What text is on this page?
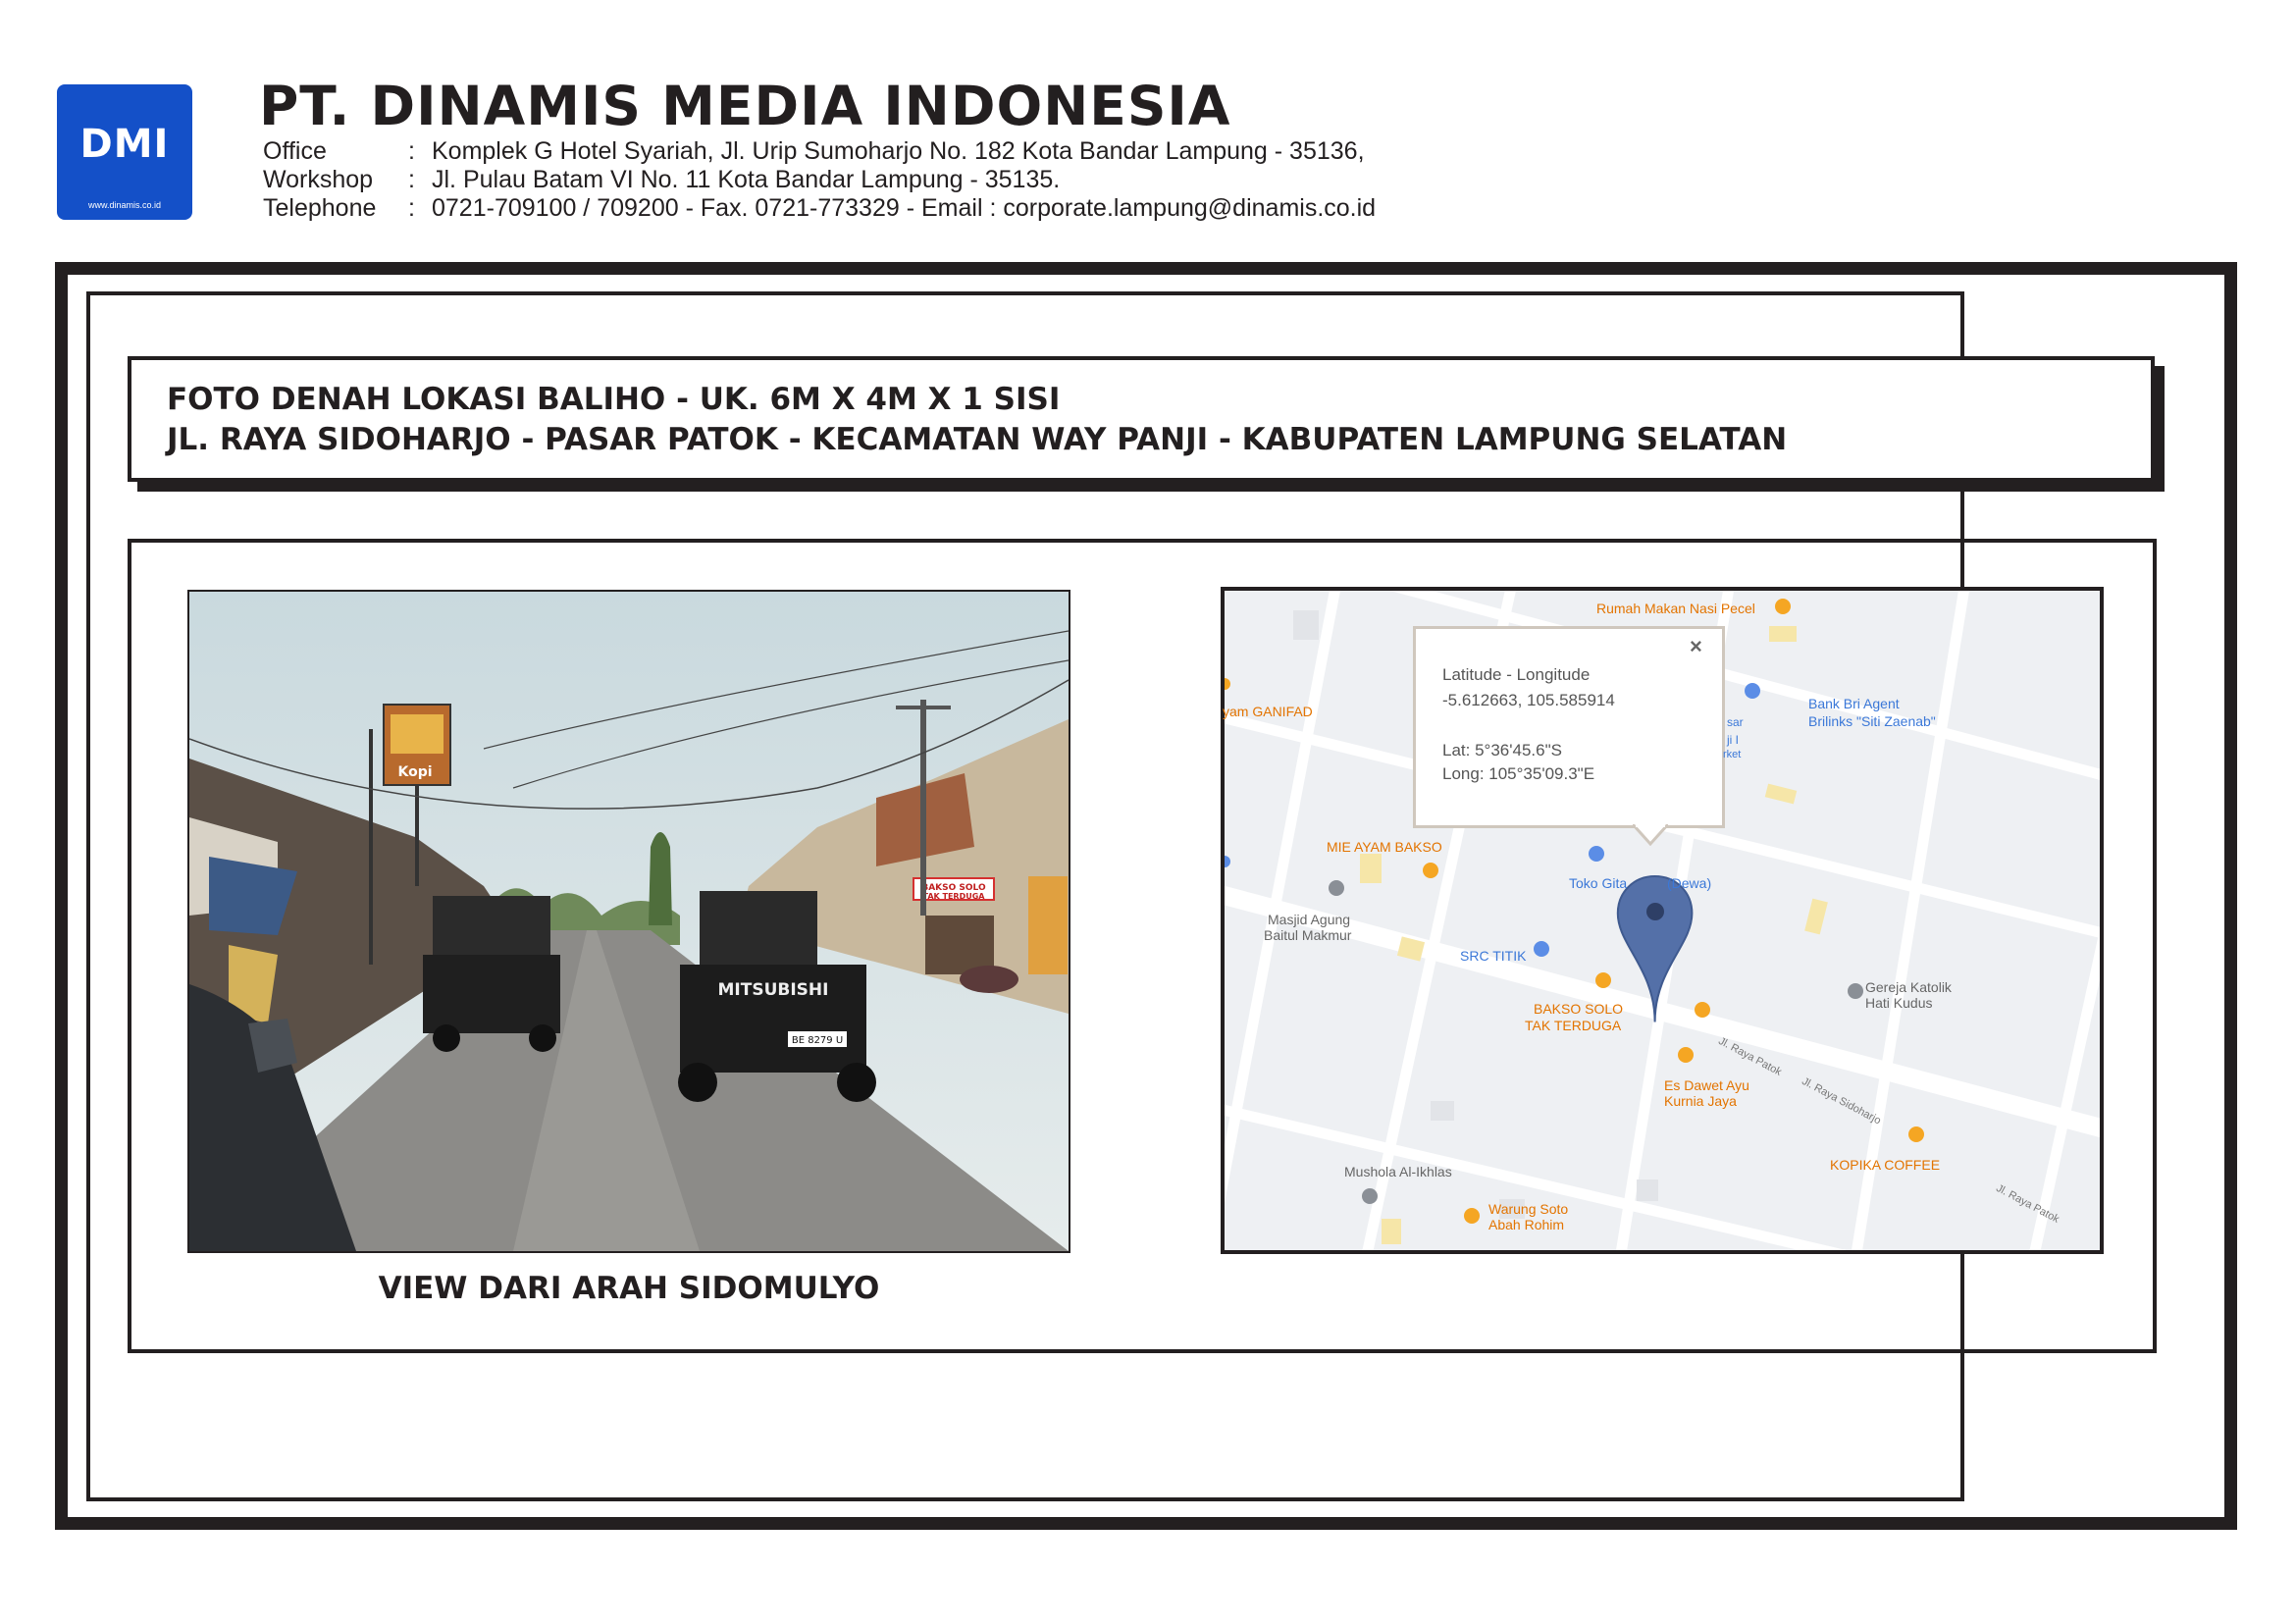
DMI
www.dinamis.co.id
PT. DINAMIS MEDIA INDONESIA
Office	: Komplek G Hotel Syariah, Jl. Urip Sumoharjo No. 182 Kota Bandar Lampung - 35136,
Workshop : Jl. Pulau Batam VI No. 11 Kota Bandar Lampung - 35135.
Telephone : 0721-709100 / 709200 - Fax. 0721-773329 - Email : corporate.lampung@dinamis.co.id
FOTO DENAH LOKASI BALIHO - UK. 6M X 4M X 1 SISI
JL. RAYA SIDOHARJO - PASAR PATOK - KECAMATAN WAY PANJI - KABUPATEN LAMPUNG SELATAN
Kopi
BAKSO SOLO
TAK TERDUGA
MITSUBISHI
BE 8279 U
VIEW DARI ARAH SIDOMULYO
Latitude - Longitude
-5.612663, 105.585914
Lat: 5°36'45.6"S
Long: 105°35'09.3"E
×
Rumah Makan Nasi Pecel
yam GANIFAD	Bank Bri Agent
Brilinks "Siti Zaenab"
sar
ji I
rket
MIE AYAM BAKSO
Toko Gita	(Dewa)
Masjid Agung
Baitul Makmur
SRC TITIK
BAKSO SOLO
TAK TERDUGA
Gereja Katolik
Hati Kudus
Es Dawet Ayu
Kurnia Jaya
KOPIKA COFFEE
Mushola Al-Ikhlas
Warung Soto
Abah Rohim
Jl. Raya Patok
Jl. Raya Sidoharjo
Jl. Raya Patok
